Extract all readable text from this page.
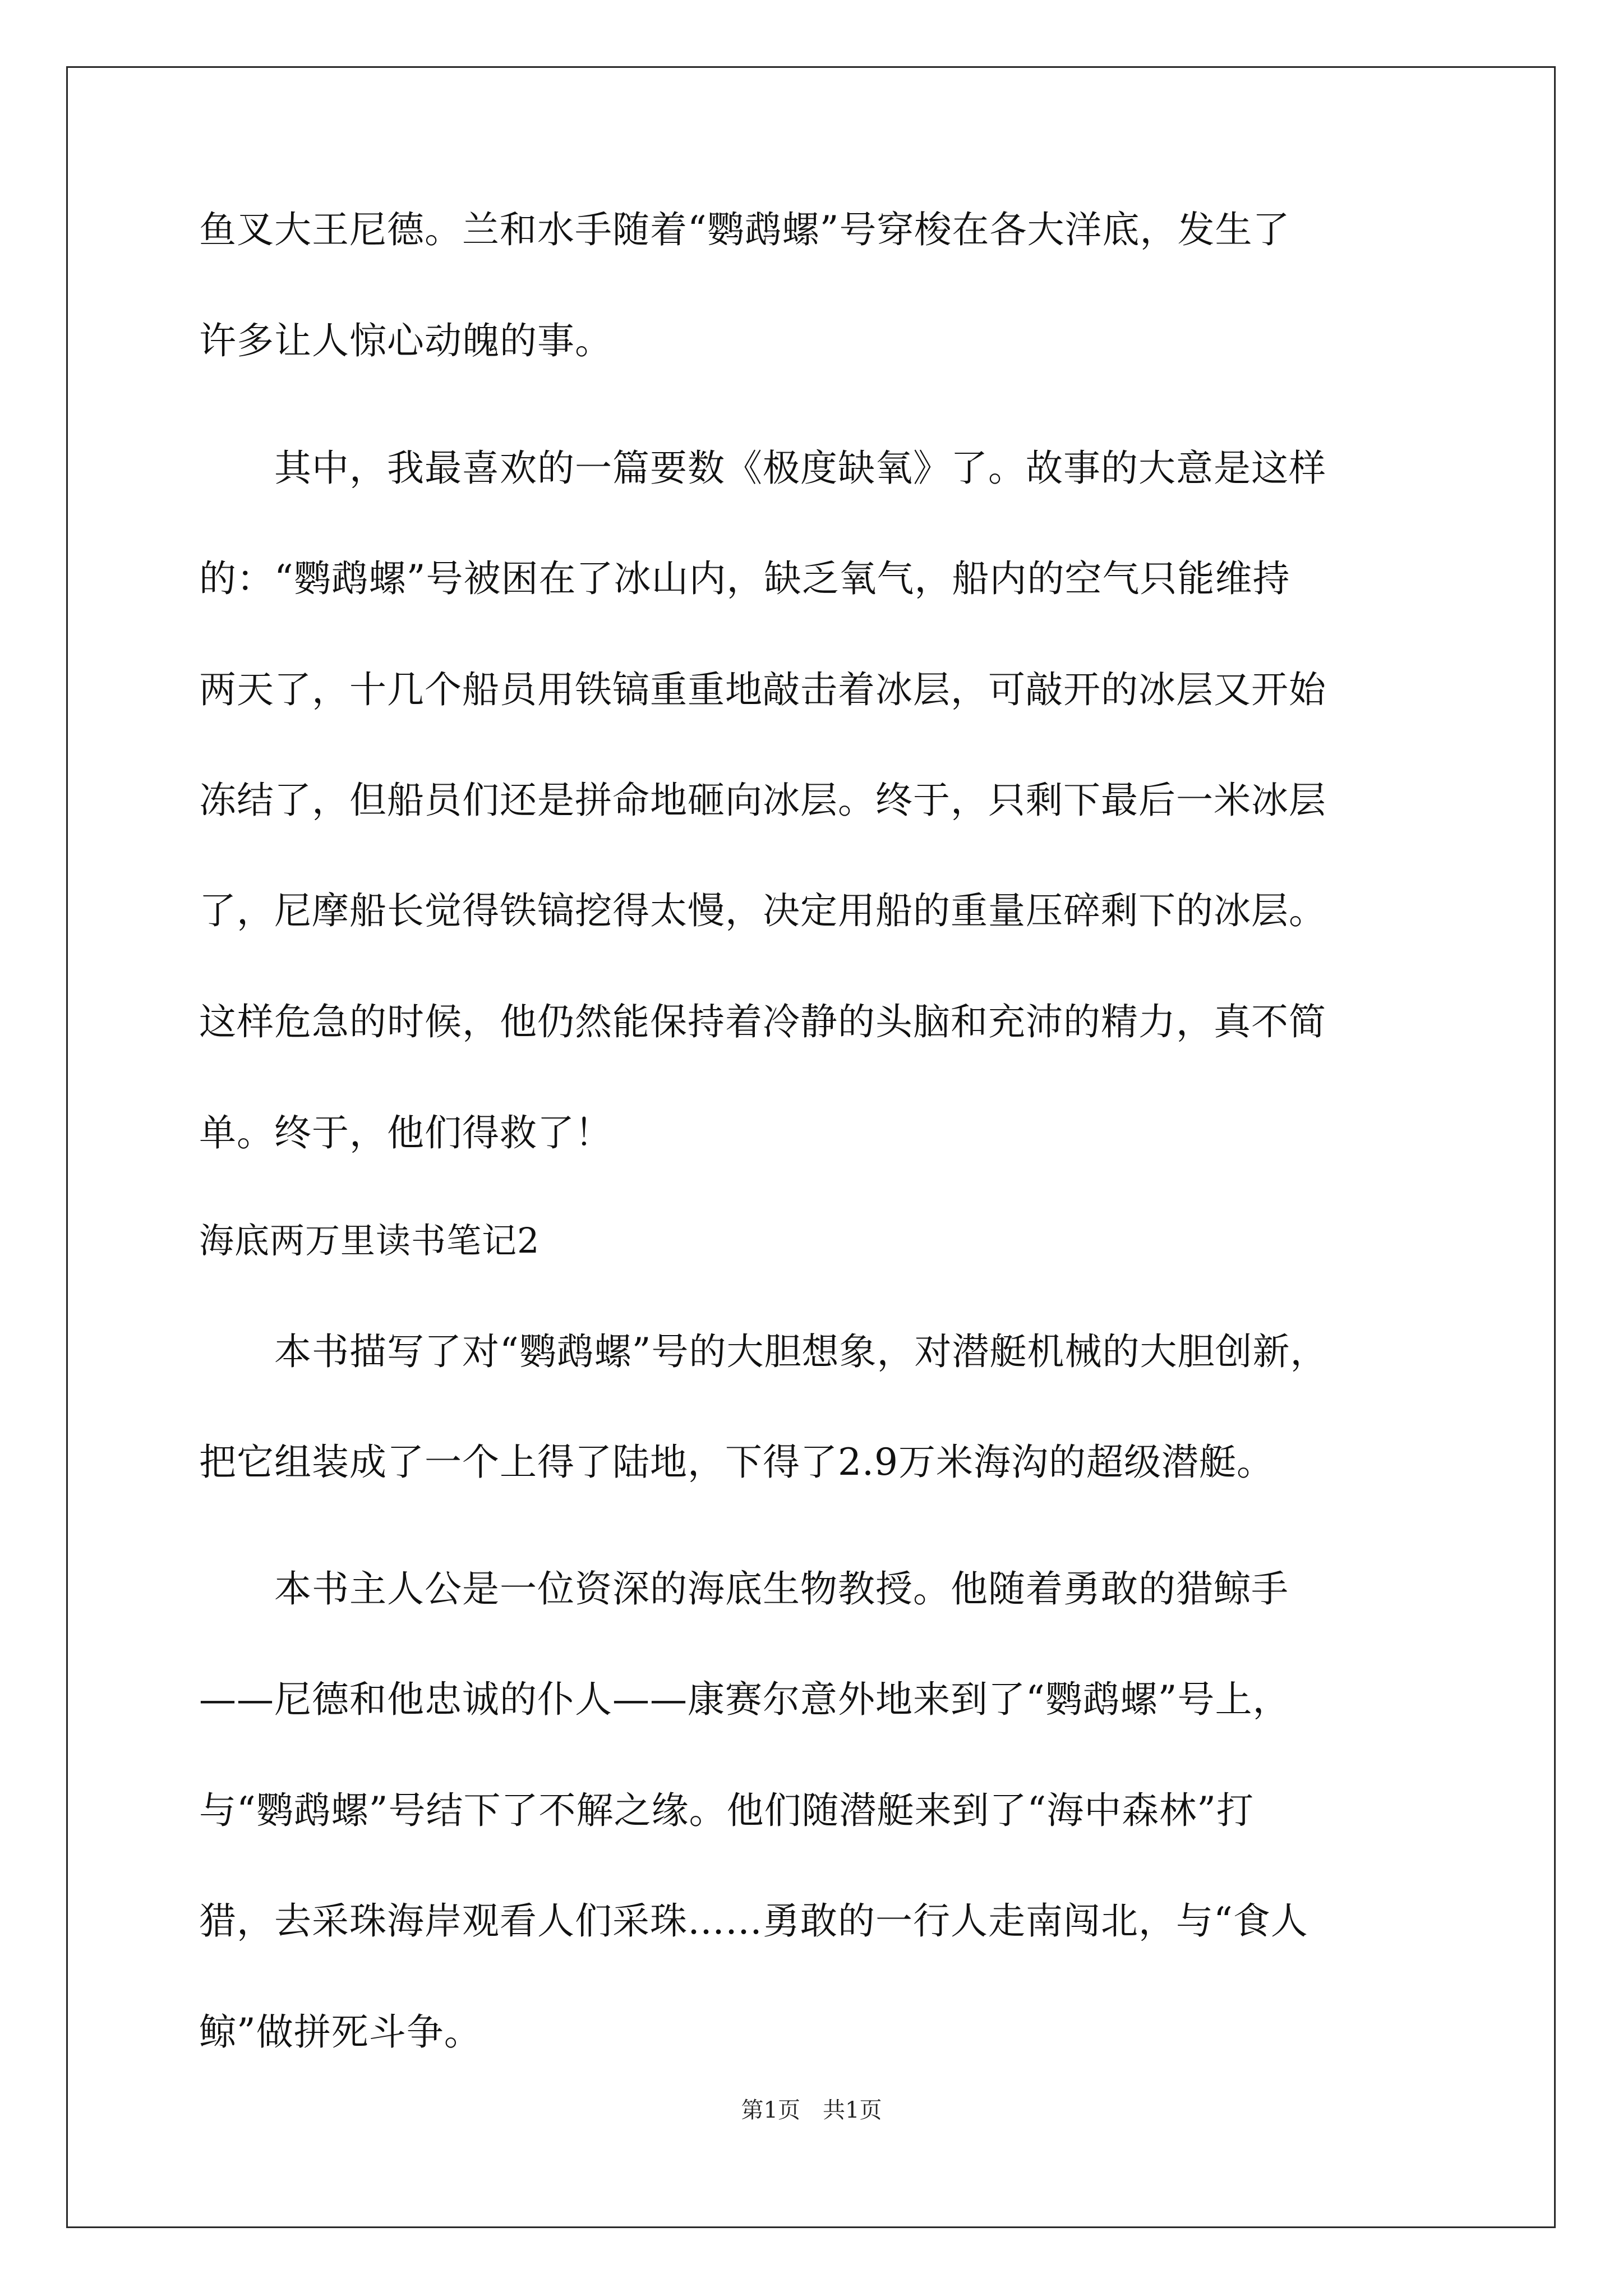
鱼叉大王尼德。兰和水手随着“鹦鹉螺”号穿梭在各大洋底，发生了
许多让人惊心动魄的事。
　　其中，我最喜欢的一篇要数《极度缺氧》了。故事的大意是这样
的：“鹦鹉螺”号被困在了冰山内，缺乏氧气，船内的空气只能维持
两天了，十几个船员用铁镐重重地敲击着冰层，可敲开的冰层又开始
冻结了，但船员们还是拼命地砸向冰层。终于，只剩下最后一米冰层
了，尼摩船长觉得铁镐挖得太慢，决定用船的重量压碎剩下的冰层。
这样危急的时候，他仍然能保持着冷静的头脑和充沛的精力，真不简
单。终于，他们得救了！
海底两万里读书笔记2
　　本书描写了对“鹦鹉螺”号的大胆想象，对潜艇机械的大胆创新，
把它组装成了一个上得了陆地，下得了2.9万米海沟的超级潜艇。
　　本书主人公是一位资深的海底生物教授。他随着勇敢的猎鲸手
——尼德和他忠诚的仆人——康赛尔意外地来到了“鹦鹉螺”号上，
与“鹦鹉螺”号结下了不解之缘。他们随潜艇来到了“海中森林”打
猎，去采珠海岸观看人们采珠……勇敢的一行人走南闯北，与“食人
鲸”做拼死斗争。
第1页　共1页
